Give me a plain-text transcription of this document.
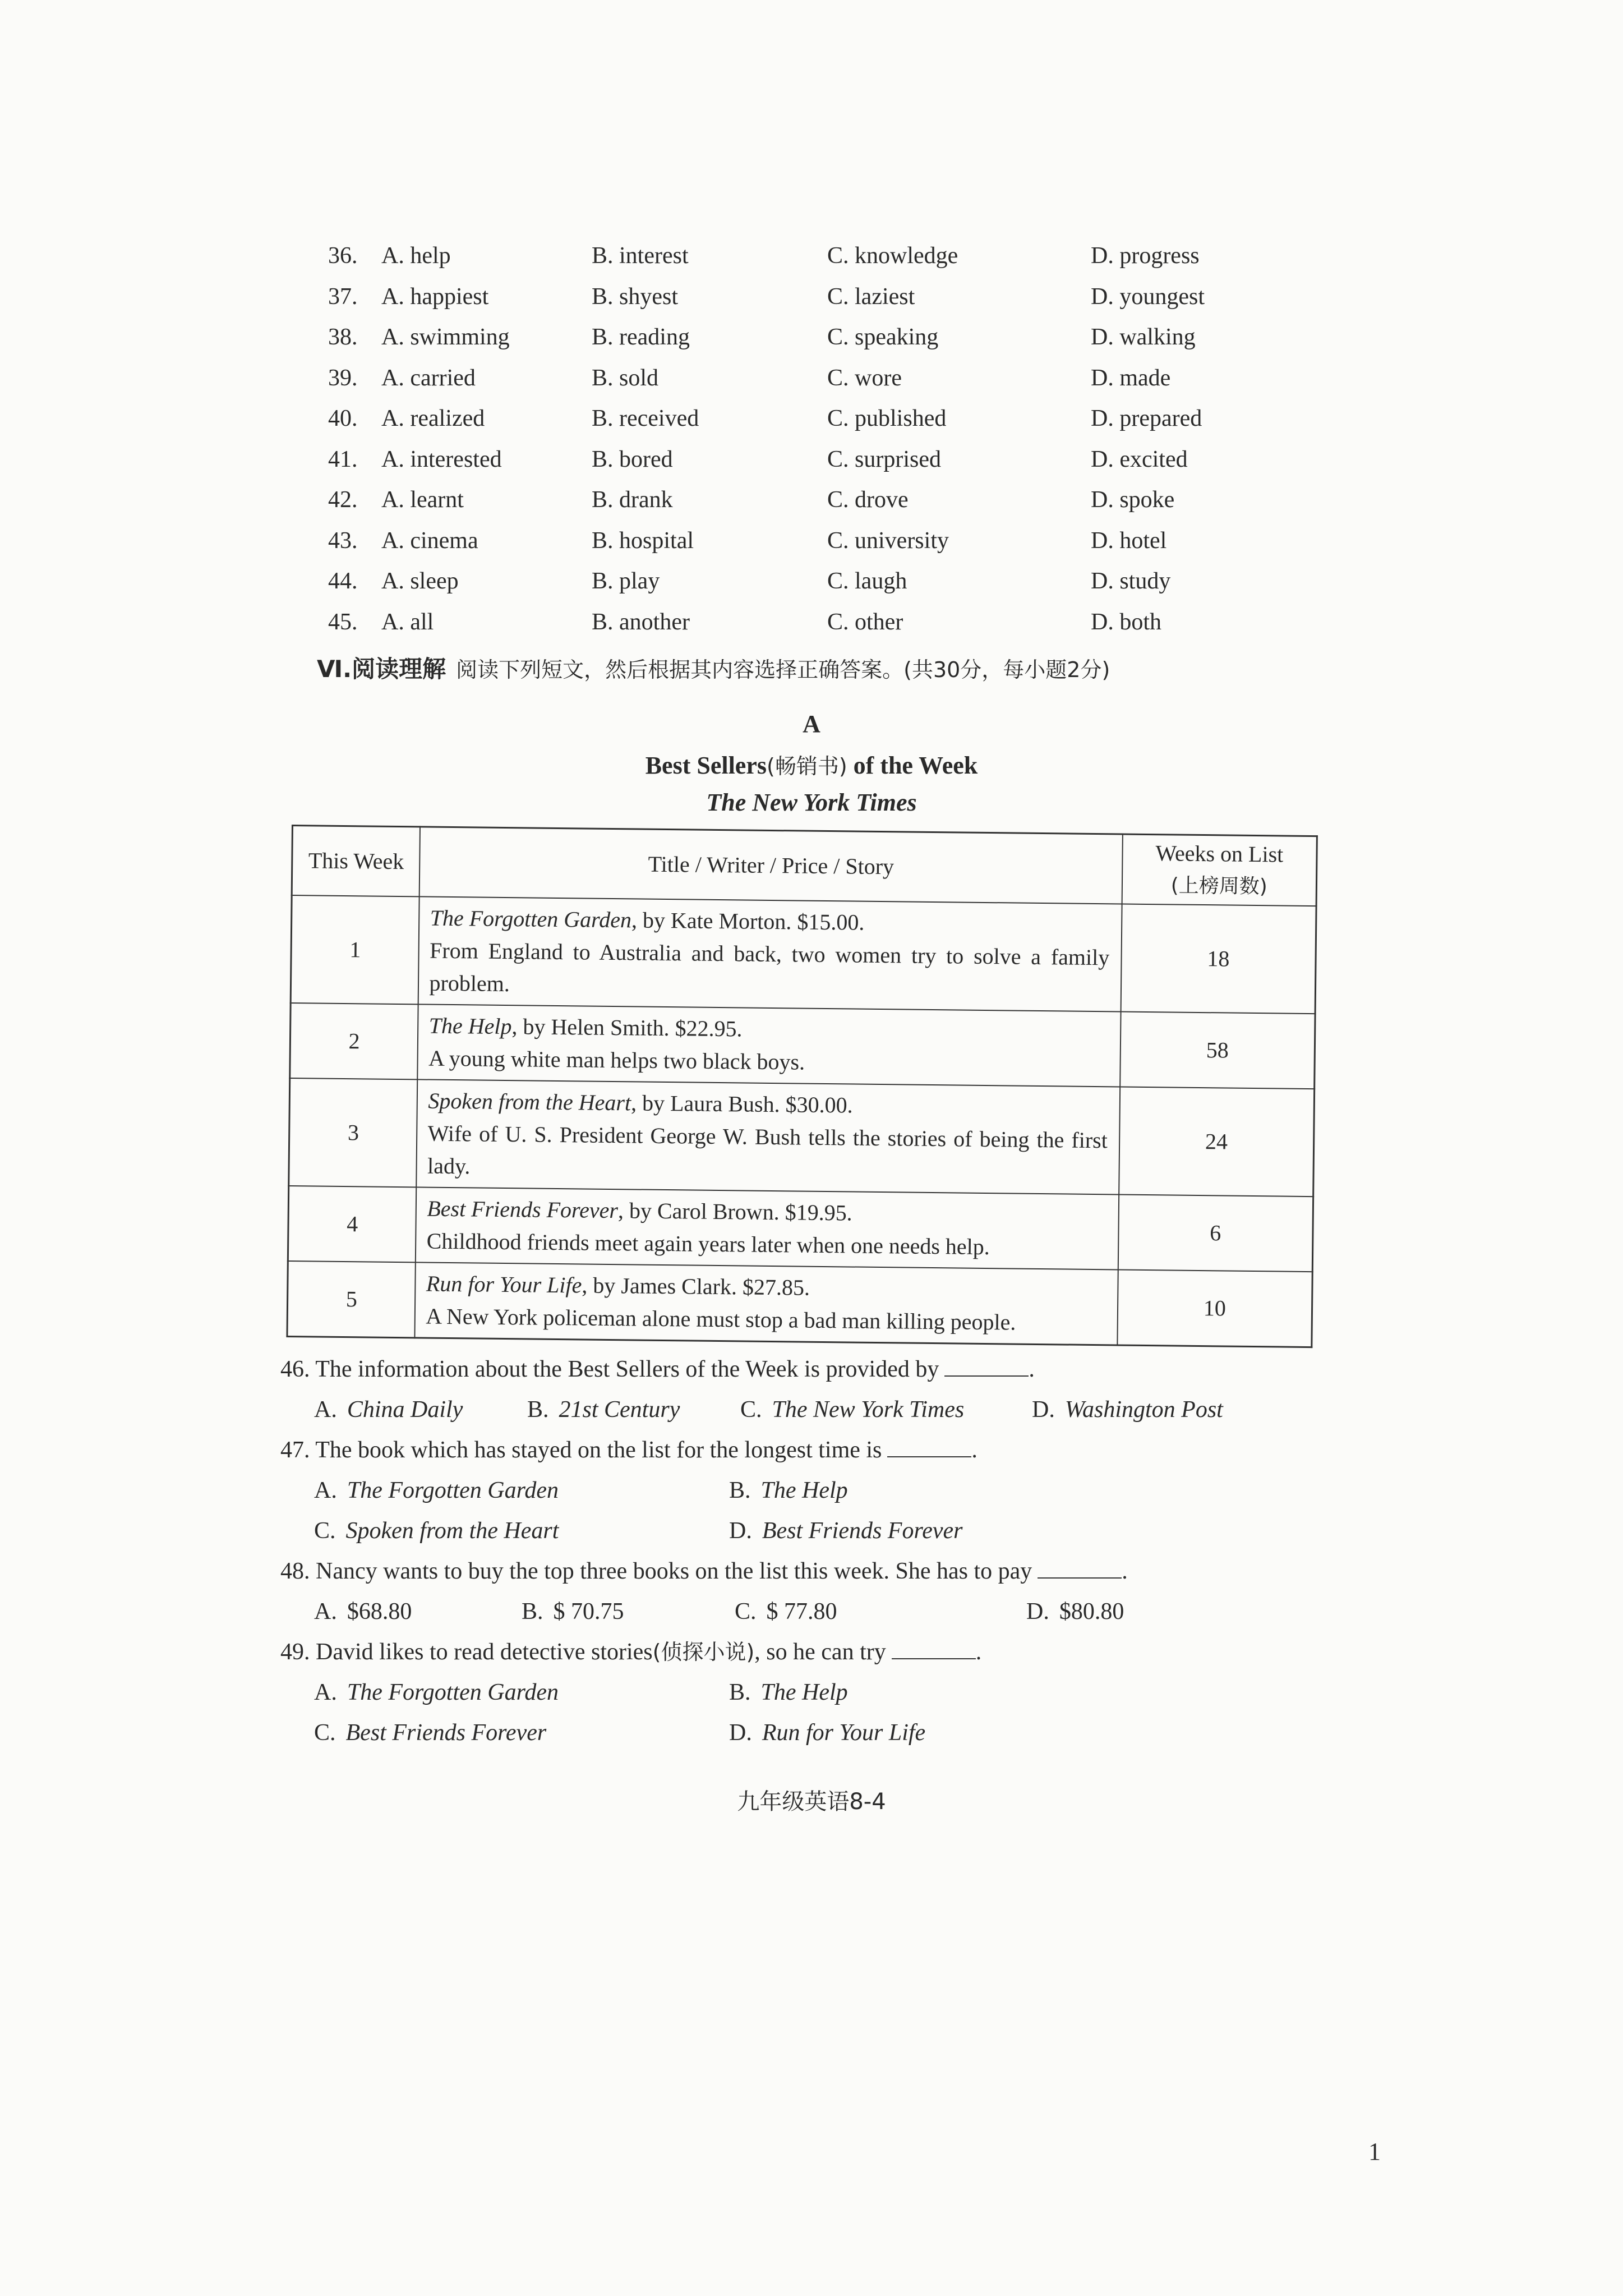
36. A. help	B. interest	C. knowledge	D. progress
37. A. happiest	B. shyest	C. laziest	D. youngest
38. A. swimming	B. reading	C. speaking	D. walking
39. A. carried	B. sold	C. wore	D. made
40. A. realized	B. received	C. published	D. prepared
41. A. interested	B. bored	C. surprised	D. excited
42. A. learnt	B. drank	C. drove	D. spoke
43. A. cinema	B. hospital	C. university	D. hotel
44. A. sleep	B. play	C. laugh	D. study
45. A. all	B. another	C. other	D. both
Ⅵ.阅读理解 阅读下列短文，然后根据其内容选择正确答案。(共30分，每小题2分)
A
Best Sellers(畅销书) of the Week
The New York Times
This Week	Title / Writer / Price / Story	Weeks on List
(上榜周数)

1	The Forgotten Garden, by Kate Morton. $15.00.
From England to Australia and back, two women try to solve a family problem.	18
2	The Help, by Helen Smith. $22.95.
A young white man helps two black boys.	58
3	Spoken from the Heart, by Laura Bush. $30.00.
Wife of U. S. President George W. Bush tells the stories of being the first lady.	24
4	Best Friends Forever, by Carol Brown. $19.95.
Childhood friends meet again years later when one needs help.	6
5	Run for Your Life, by James Clark. $27.85.
A New York policeman alone must stop a bad man killing people.	10
46. The information about the Best Sellers of the Week is provided by	.
A. China Daily	B. 21st Century	C. The New York Times	D. Washington Post
47. The book which has stayed on the list for the longest time is	.
A. The Forgotten Garden	B. The Help
C. Spoken from the Heart	D. Best Friends Forever
48. Nancy wants to buy the top three books on the list this week. She has to pay	.
A. $68.80	B. $ 70.75	C. $ 77.80	D. $80.80
49. David likes to read detective stories(侦探小说), so he can try	.
A. The Forgotten Garden	B. The Help
C. Best Friends Forever	D. Run for Your Life
九年级英语8-4
1
